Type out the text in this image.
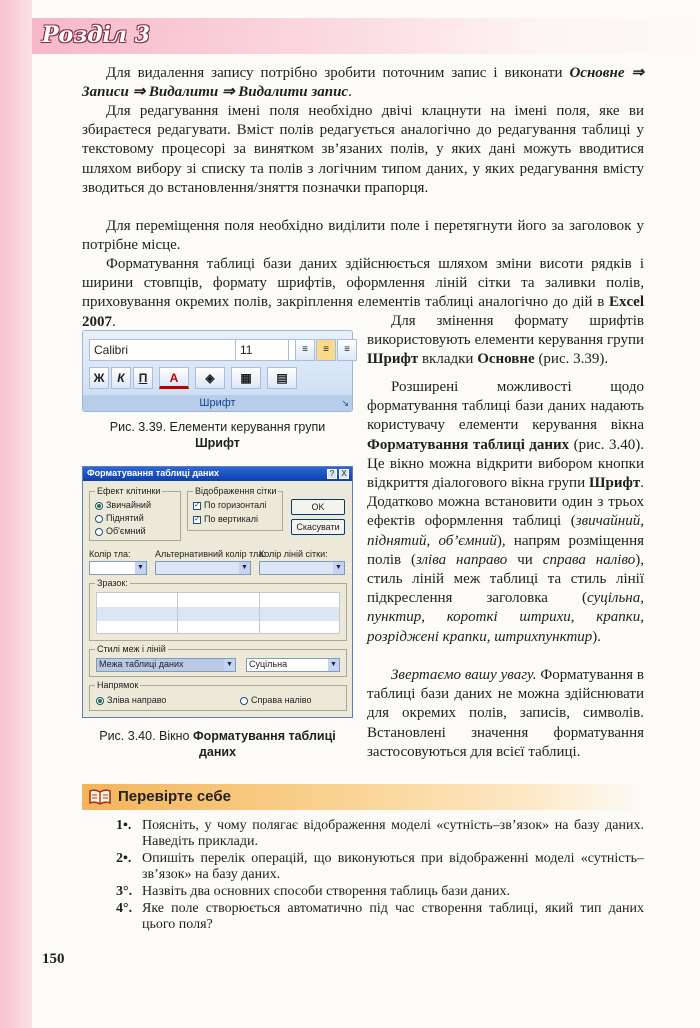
Розділ 3
Для видалення запису потрібно зробити поточним запис і виконати Основне ⇒ Записи ⇒ Видалити ⇒ Видалити запис.
Для редагування імені поля необхідно двічі клацнути на імені поля, яке ви збираєтеся редагувати. Вміст полів редагується аналогічно до редагування таблиці у текстовому процесорі за винятком зв’язаних полів, у яких дані можуть вводитися шляхом вибору зі списку та полів з логічним типом даних, у яких редагування вмісту зводиться до встановлення/зняття позначки прапорця.
Для переміщення поля необхідно виділити поле і перетягнути його за заголовок у потрібне місце.
Форматування таблиці бази даних здійснюється шляхом зміни висоти рядків і ширини стовпців, формату шрифтів, оформлення ліній сітки та заливки полів, приховування окремих полів, закріплення елементів таблиці аналогічно до дій в Excel 2007.	Для змінення формату шрифтів використовують елементи керування групи Шрифт вкладки Основне (рис. 3.39).
Розширені можливості щодо форматування таблиці бази даних надають користувачу елементи керування вікна Форматування таблиці даних (рис. 3.40). Це вікно можна відкрити вибором кнопки відкриття діалогового вікна групи Шрифт. Додатково можна встановити один з трьох ефектів оформлення таблиці (звичайний, піднятий, об’ємний), напрям розміщення полів (зліва направо чи справа наліво), стиль ліній меж таблиці та стиль лінії підкреслення заголовка (суцільна, пунктир, короткі штрихи, крапки, розріджені крапки, штрихпунктир).
Звертаємо вашу увагу. Форматування в таблиці бази даних не можна здійснювати для окремих полів, записів, символів. Встановлені значення форматування застосовуються для всієї таблиці.
Calibri	11	≡	≡	≡
Ж	К	П	A	◈	▦	▤
Шрифт	↘
Рис. 3.39. Елементи керування групи
Шрифт
Форматування таблиці даних	? X
Ефект клітинки
Звичайний
Піднятий
Об'ємний
Відображення сітки
✓ По горизонталі
✓ По вертикалі
OK
Скасувати
Колір тла:	Альтернативний колір тла:
Колір ліній сітки:
▼	▼	▼
Зразок:
Стилі меж і ліній
Межа таблиці даних	▼	Суцільна	▼
Напрямок
Зліва направо	Справа наліво
Рис. 3.40. Вікно Форматування таблиці даних
Перевірте себе
1•. Поясніть, у чому полягає відображення моделі «сутність–зв’язок» на базу даних. Наведіть приклади.
2•. Опишіть перелік операцій, що виконуються при відображенні моделі «сутність–зв’язок» на базу даних.
3°. Назвіть два основних способи створення таблиць бази даних.
4°. Яке поле створюється автоматично під час створення таблиці, який тип даних цього поля?
150
